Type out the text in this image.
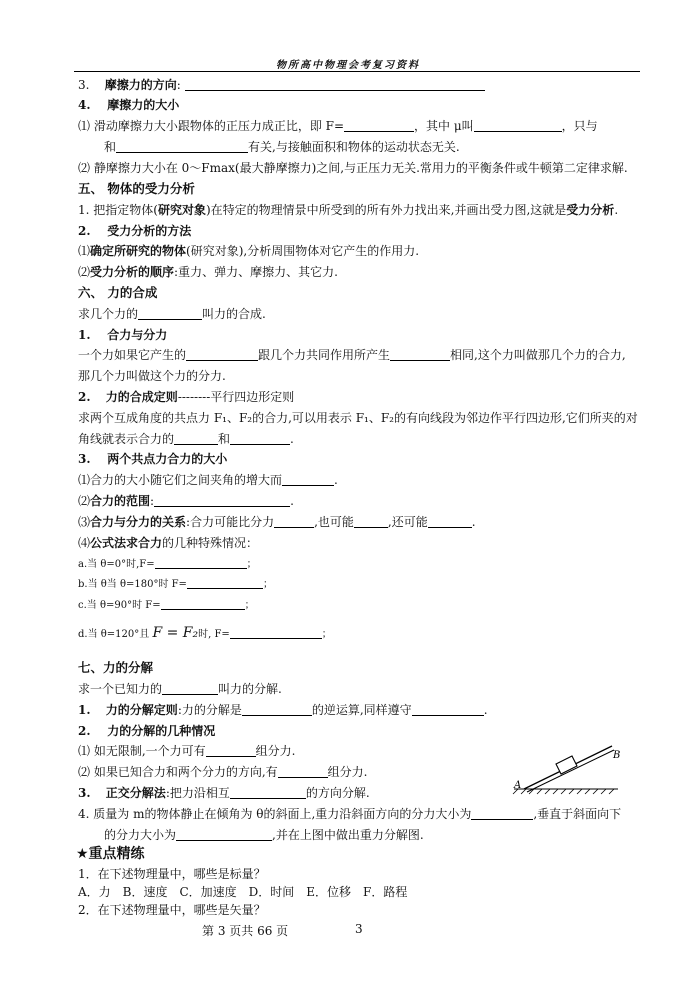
物所高中物理会考复习资料
3. 摩擦力的方向:
4. 摩擦力的大小
⑴ 滑动摩擦力大小跟物体的正压力成正比，即 F=	，其中 μ叫	，只与
和	有关,与接触面积和物体的运动状态无关.
⑵ 静摩擦力大小在 0～Fmax(最大静摩擦力)之间,与正压力无关.常用力的平衡条件或牛顿第二定律求解.
五、 物体的受力分析
1. 把指定物体(研究对象)在特定的物理情景中所受到的所有外力找出来,并画出受力图,这就是受力分析.
2. 受力分析的方法
⑴确定所研究的物体(研究对象),分析周围物体对它产生的作用力.
⑵受力分析的顺序:重力、弹力、摩擦力、其它力.
六、 力的合成
求几个力的	叫力的合成.
1. 合力与分力
一个力如果它产生的	跟几个力共同作用所产生	相同,这个力叫做那几个力的合力,
那几个力叫做这个力的分力.
2. 力的合成定则--------平行四边形定则
求两个互成角度的共点力 F₁、F₂的合力,可以用表示 F₁、F₂的有向线段为邻边作平行四边形,它们所夹的对
角线就表示合力的	和	.
3. 两个共点力合力的大小
⑴合力的大小随它们之间夹角的增大而	.
⑵合力的范围:	.
⑶合力与分力的关系:合力可能比分力	,也可能	,还可能	.
⑷公式法求合力的几种特殊情况：
a.当 θ=0°时,F=	；
b.当 θ当 θ=180°时 F=	；
c.当 θ=90°时 F=	；
d.当 θ=120°且 F = F₂时, F=	；
七、力的分解
求一个已知力的	叫力的分解.
1. 力的分解定则:力的分解是	的逆运算,同样遵守	.
2. 力的分解的几种情况
⑴ 如无限制,一个力可有	组分力.
⑵ 如果已知合力和两个分力的方向,有	组分力.
3. 正交分解法:把力沿相互	的方向分解.
4. 质量为 m的物体静止在倾角为 θ的斜面上,重力沿斜面方向的分力大小为	,垂直于斜面向下
的分力大小为	,并在上图中做出重力分解图.
A
B
★重点精练
1．在下述物理量中，哪些是标量？
A．力　B．速度　C．加速度　D．时间　E．位移　F．路程
2．在下述物理量中，哪些是矢量？
第 3 页共 66 页	3
